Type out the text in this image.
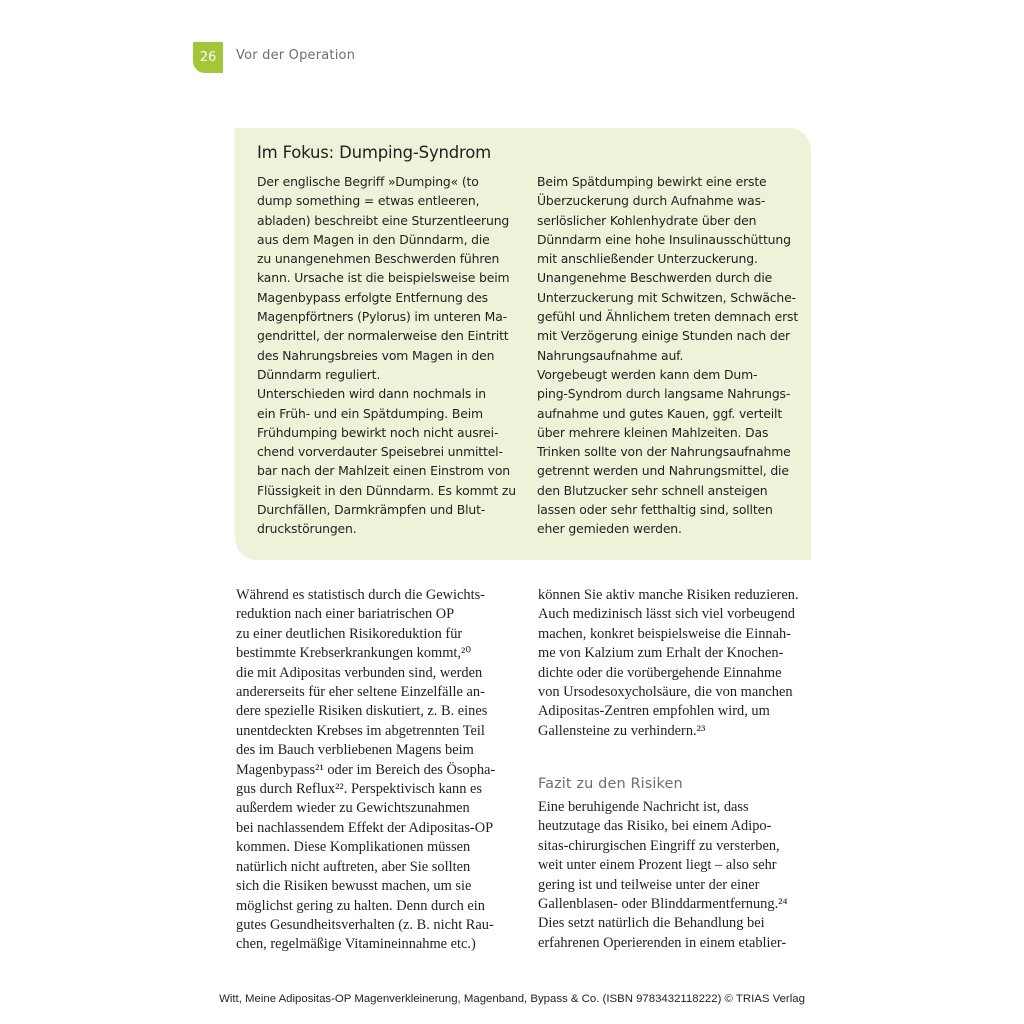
26	Vor der Operation
Im Fokus: Dumping-Syndrom
Der englische Begriff »Dumping« (to
dump something = etwas entleeren,
abladen) beschreibt eine Sturzentleerung
aus dem Magen in den Dünndarm, die
zu unangenehmen Beschwerden führen
kann. Ursache ist die beispielsweise beim
Magenbypass erfolgte Entfernung des
Magenpförtners (Pylorus) im unteren Ma-
gendrittel, der normalerweise den Eintritt
des Nahrungsbreies vom Magen in den
Dünndarm reguliert.
Unterschieden wird dann nochmals in
ein Früh- und ein Spätdumping. Beim
Frühdumping bewirkt noch nicht ausrei-
chend vorverdauter Speisebrei unmittel-
bar nach der Mahlzeit einen Einstrom von
Flüssigkeit in den Dünndarm. Es kommt zu
Durchfällen, Darmkrämpfen und Blut-
druckstörungen.
Beim Spätdumping bewirkt eine erste
Überzuckerung durch Aufnahme was-
serlöslicher Kohlenhydrate über den
Dünndarm eine hohe Insulinausschüttung
mit anschließender Unterzuckerung.
Unangenehme Beschwerden durch die
Unterzuckerung mit Schwitzen, Schwäche-
gefühl und Ähnlichem treten demnach erst
mit Verzögerung einige Stunden nach der
Nahrungsaufnahme auf.
Vorgebeugt werden kann dem Dum-
ping-Syndrom durch langsame Nahrungs-
aufnahme und gutes Kauen, ggf. verteilt
über mehrere kleinen Mahlzeiten. Das
Trinken sollte von der Nahrungsaufnahme
getrennt werden und Nahrungsmittel, die
den Blutzucker sehr schnell ansteigen
lassen oder sehr fetthaltig sind, sollten
eher gemieden werden.
Während es statistisch durch die Gewichts-
reduktion nach einer bariatrischen OP
zu einer deutlichen Risikoreduktion für
bestimmte Krebserkrankungen kommt,²⁰
die mit Adipositas verbunden sind, werden
andererseits für eher seltene Einzelfälle an-
dere spezielle Risiken diskutiert, z. B. eines
unentdeckten Krebses im abgetrennten Teil
des im Bauch verbliebenen Magens beim
Magenbypass²¹ oder im Bereich des Ösopha-
gus durch Reflux²². Perspektivisch kann es
außerdem wieder zu Gewichtszunahmen
bei nachlassendem Effekt der Adipositas-OP
kommen. Diese Komplikationen müssen
natürlich nicht auftreten, aber Sie sollten
sich die Risiken bewusst machen, um sie
möglichst gering zu halten. Denn durch ein
gutes Gesundheitsverhalten (z. B. nicht Rau-
chen, regelmäßige Vitamineinnahme etc.)
können Sie aktiv manche Risiken reduzieren.
Auch medizinisch lässt sich viel vorbeugend
machen, konkret beispielsweise die Einnah-
me von Kalzium zum Erhalt der Knochen-
dichte oder die vorübergehende Einnahme
von Ursodesoxycholsäure, die von manchen
Adipositas-Zentren empfohlen wird, um
Gallensteine zu verhindern.²³
Fazit zu den Risiken
Eine beruhigende Nachricht ist, dass
heutzutage das Risiko, bei einem Adipo-
sitas-chirurgischen Eingriff zu versterben,
weit unter einem Prozent liegt – also sehr
gering ist und teilweise unter der einer
Gallenblasen- oder Blinddarmentfernung.²⁴
Dies setzt natürlich die Behandlung bei
erfahrenen Operierenden in einem etablier-
Witt, Meine Adipositas-OP Magenverkleinerung, Magenband, Bypass & Co. (ISBN 9783432118222) © TRIAS Verlag
